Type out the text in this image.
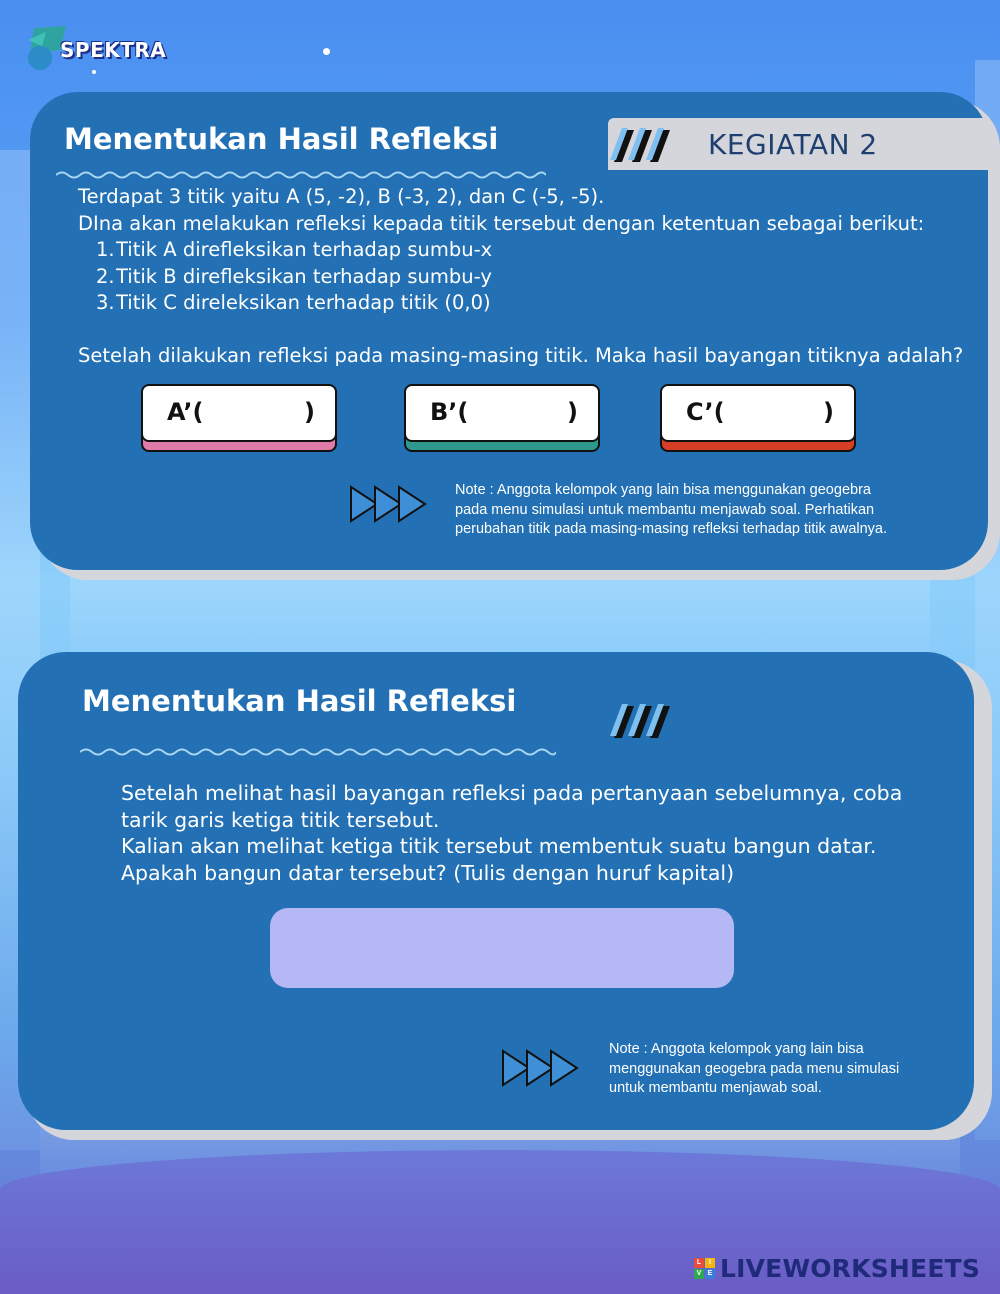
SPEKTRA
Menentukan Hasil Refleksi	KEGIATAN 2
Terdapat 3 titik yaitu A (5, -2), B (-3, 2), dan C (-5, -5).
DIna akan melakukan refleksi kepada titik tersebut dengan ketentuan sebagai berikut:
1.Titik A direfleksikan terhadap sumbu-x
2.Titik B direfleksikan terhadap sumbu-y
3.Titik C direleksikan terhadap titik (0,0)
Setelah dilakukan refleksi pada masing-masing titik. Maka hasil bayangan titiknya adalah?
A’(	)	B’(	)	C’(	)
Note : Anggota kelompok yang lain bisa menggunakan geogebra
pada menu simulasi untuk membantu menjawab soal. Perhatikan
perubahan titik pada masing-masing refleksi terhadap titik awalnya.
Menentukan Hasil Refleksi
Setelah melihat hasil bayangan refleksi pada pertanyaan sebelumnya, coba
tarik garis ketiga titik tersebut.
Kalian akan melihat ketiga titik tersebut membentuk suatu bangun datar.
Apakah bangun datar tersebut? (Tulis dengan huruf kapital)
Note : Anggota kelompok yang lain bisa
menggunakan geogebra pada menu simulasi
untuk membantu menjawab soal.
L	I
V E LIVEWORKSHEETS
